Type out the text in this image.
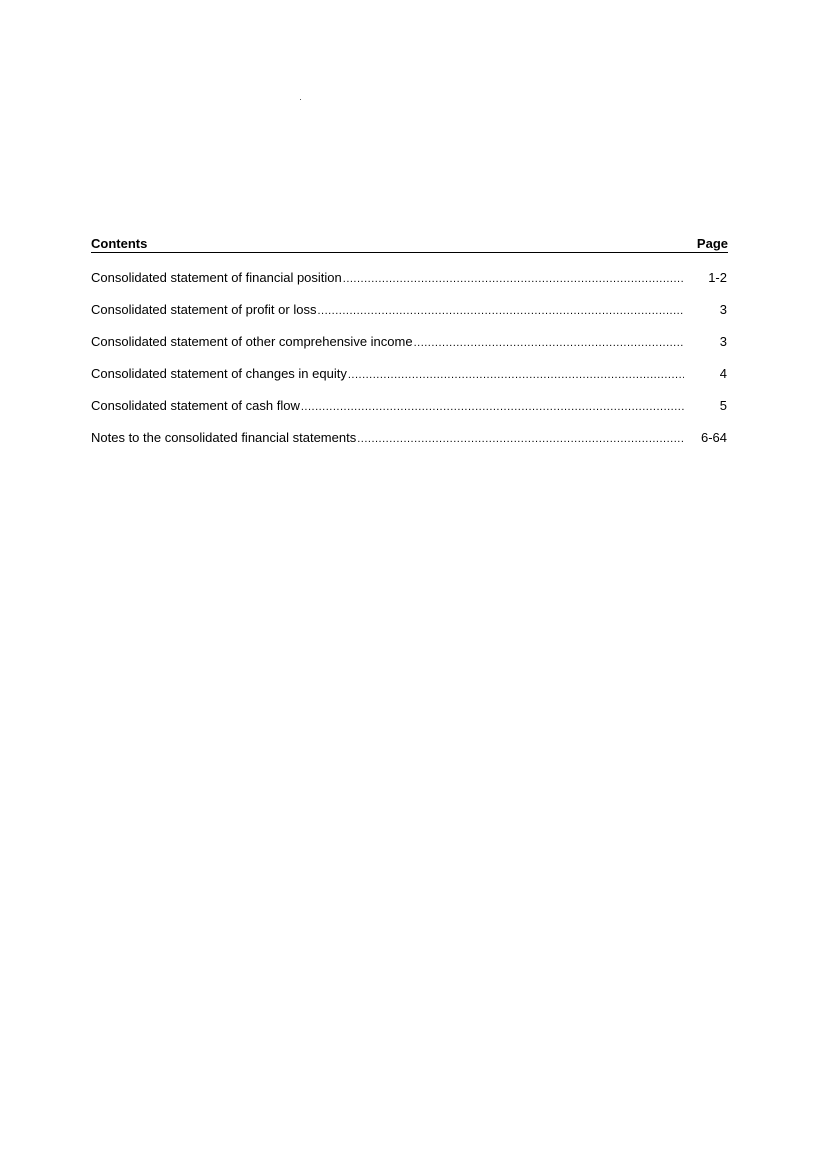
Contents	Page
Consolidated statement of financial position .....	1-2
Consolidated statement of profit or loss .....	3
Consolidated statement of other comprehensive income .....	3
Consolidated statement of changes in equity .....	4
Consolidated statement of cash flow .....	5
Notes to the consolidated financial statements .....	6-64
